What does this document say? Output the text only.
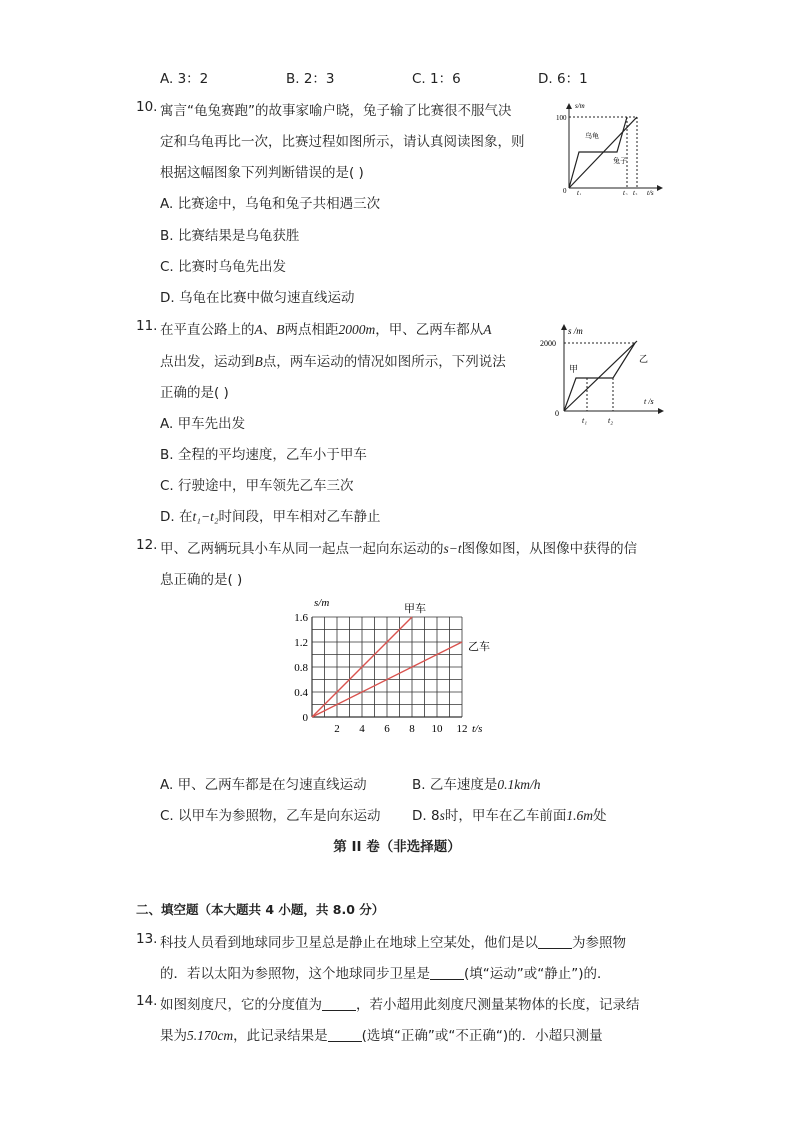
A. 3：2	B. 2：3	C. 1：6	D. 6：1
10. 寓言“龟兔赛跑”的故事家喻户晓，兔子输了比赛很不服气决
定和乌龟再比一次，比赛过程如图所示，请认真阅读图象，则
根据这幅图象下列判断错误的是( )
A. 比赛途中，乌龟和兔子共相遇三次
B. 比赛结果是乌龟获胜
C. 比赛时乌龟先出发
D. 乌龟在比赛中做匀速直线运动
s/m
100
0
乌龟
兔子
t₁	t₂ t₃ t/s
11. 在平直公路上的A、B两点相距2000m，甲、乙两车都从A
点出发，运动到B点，两车运动的情况如图所示，下列说法
正确的是( )
A. 甲车先出发
B. 全程的平均速度，乙车小于甲车
C. 行驶途中，甲车领先乙车三次
D. 在t₁−t₂时间段，甲车相对乙车静止
s /m
2000
0
甲
乙
t₁	t₂
t /s
12. 甲、乙两辆玩具小车从同一起点一起向东运动的s−t图像如图，从图像中获得的信
息正确的是( )
2 4 6 8 10 12
0
0.4
0.8
1.2
1.6
s/m
t/s
甲车
乙车
A. 甲、乙两车都是在匀速直线运动	B. 乙车速度是0.1km/h
C. 以甲车为参照物，乙车是向东运动 D. 8s时，甲车在乙车前面1.6m处
第 II 卷（非选择题）
二、填空题（本大题共 4 小题，共 8.0 分）
13. 科技人员看到地球同步卫星总是静止在地球上空某处，他们是以	为参照物
的．若以太阳为参照物，这个地球同步卫星是	(填“运动”或“静止”)的．
14. 如图刻度尺，它的分度值为	，若小超用此刻度尺测量某物体的长度，记录结
果为5.170cm，此记录结果是	(选填“正确”或“不正确“)的．小超只测量
